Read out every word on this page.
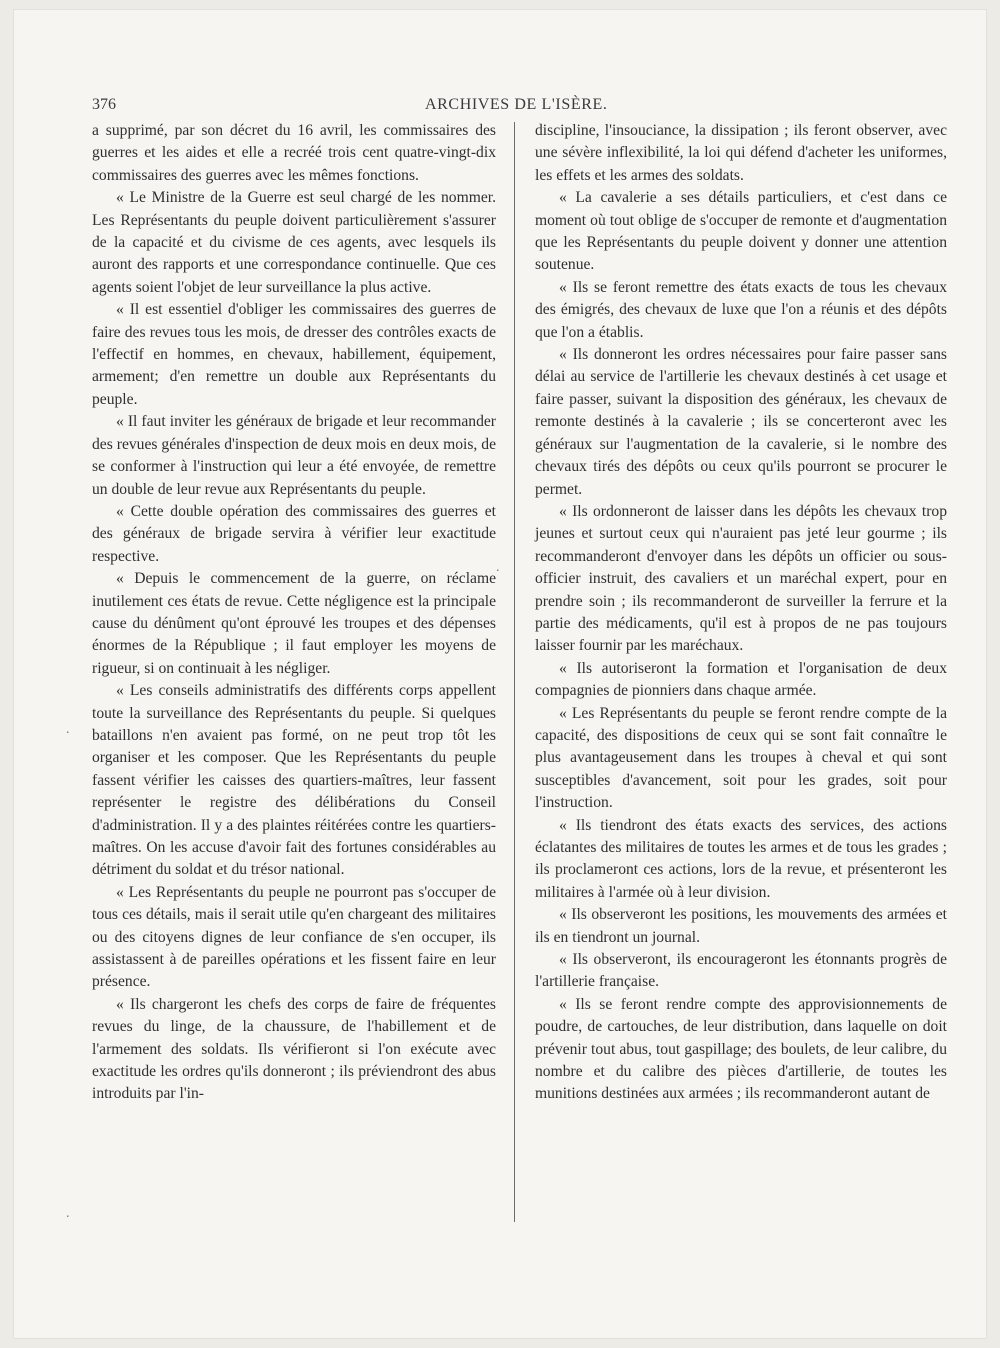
376	ARCHIVES DE L'ISÈRE.

a supprimé, par son décret du 16 avril, les commissaires des guerres et les aides et elle a recréé trois cent quatre-vingt-dix commissaires des guerres avec les mêmes fonctions.

« Le Ministre de la Guerre est seul chargé de les nommer. Les Représentants du peuple doivent particulièrement s'assurer de la capacité et du civisme de ces agents, avec lesquels ils auront des rapports et une correspondance continuelle. Que ces agents soient l'objet de leur surveillance la plus active.

« Il est essentiel d'obliger les commissaires des guerres de faire des revues tous les mois, de dresser des contrôles exacts de l'effectif en hommes, en chevaux, habillement, équipement, armement; d'en remettre un double aux Représentants du peuple.

« Il faut inviter les généraux de brigade et leur recommander des revues générales d'inspection de deux mois en deux mois, de se conformer à l'instruction qui leur a été envoyée, de remettre un double de leur revue aux Représentants du peuple.

« Cette double opération des commissaires des guerres et des généraux de brigade servira à vérifier leur exactitude respective.

« Depuis le commencement de la guerre, on réclame inutilement ces états de revue. Cette négligence est la principale cause du dénûment qu'ont éprouvé les troupes et des dépenses énormes de la République ; il faut employer les moyens de rigueur, si on continuait à les négliger.

« Les conseils administratifs des différents corps appellent toute la surveillance des Représentants du peuple. Si quelques bataillons n'en avaient pas formé, on ne peut trop tôt les organiser et les composer. Que les Représentants du peuple fassent vérifier les caisses des quartiers-maîtres, leur fassent représenter le registre des délibérations du Conseil d'administration. Il y a des plaintes réitérées contre les quartiers-maîtres. On les accuse d'avoir fait des fortunes considérables au détriment du soldat et du trésor national.

« Les Représentants du peuple ne pourront pas s'occuper de tous ces détails, mais il serait utile qu'en chargeant des militaires ou des citoyens dignes de leur confiance de s'en occuper, ils assistassent à de pareilles opérations et les fissent faire en leur présence.

« Ils chargeront les chefs des corps de faire de fréquentes revues du linge, de la chaussure, de l'habillement et de l'armement des soldats. Ils vérifieront si l'on exécute avec exactitude les ordres qu'ils donneront ; ils préviendront des abus introduits par l'in-

discipline, l'insouciance, la dissipation ; ils feront observer, avec une sévère inflexibilité, la loi qui défend d'acheter les uniformes, les effets et les armes des soldats.

« La cavalerie a ses détails particuliers, et c'est dans ce moment où tout oblige de s'occuper de remonte et d'augmentation que les Représentants du peuple doivent y donner une attention soutenue.

« Ils se feront remettre des états exacts de tous les chevaux des émigrés, des chevaux de luxe que l'on a réunis et des dépôts que l'on a établis.

« Ils donneront les ordres nécessaires pour faire passer sans délai au service de l'artillerie les chevaux destinés à cet usage et faire passer, suivant la disposition des généraux, les chevaux de remonte destinés à la cavalerie ; ils se concerteront avec les généraux sur l'augmentation de la cavalerie, si le nombre des chevaux tirés des dépôts ou ceux qu'ils pourront se procurer le permet.

« Ils ordonneront de laisser dans les dépôts les chevaux trop jeunes et surtout ceux qui n'auraient pas jeté leur gourme ; ils recommanderont d'envoyer dans les dépôts un officier ou sous-officier instruit, des cavaliers et un maréchal expert, pour en prendre soin ; ils recommanderont de surveiller la ferrure et la partie des médicaments, qu'il est à propos de ne pas toujours laisser fournir par les maréchaux.

« Ils autoriseront la formation et l'organisation de deux compagnies de pionniers dans chaque armée.

« Les Représentants du peuple se feront rendre compte de la capacité, des dispositions de ceux qui se sont fait connaître le plus avantageusement dans les troupes à cheval et qui sont susceptibles d'avancement, soit pour les grades, soit pour l'instruction.

« Ils tiendront des états exacts des services, des actions éclatantes des militaires de toutes les armes et de tous les grades ; ils proclameront ces actions, lors de la revue, et présenteront les militaires à l'armée où à leur division.

« Ils observeront les positions, les mouvements des armées et ils en tiendront un journal.

« Ils observeront, ils encourageront les étonnants progrès de l'artillerie française.

« Ils se feront rendre compte des approvisionnements de poudre, de cartouches, de leur distribution, dans laquelle on doit prévenir tout abus, tout gaspillage; des boulets, de leur calibre, du nombre et du calibre des pièces d'artillerie, de toutes les munitions destinées aux armées ; ils recommanderont autant de

.
.
.
